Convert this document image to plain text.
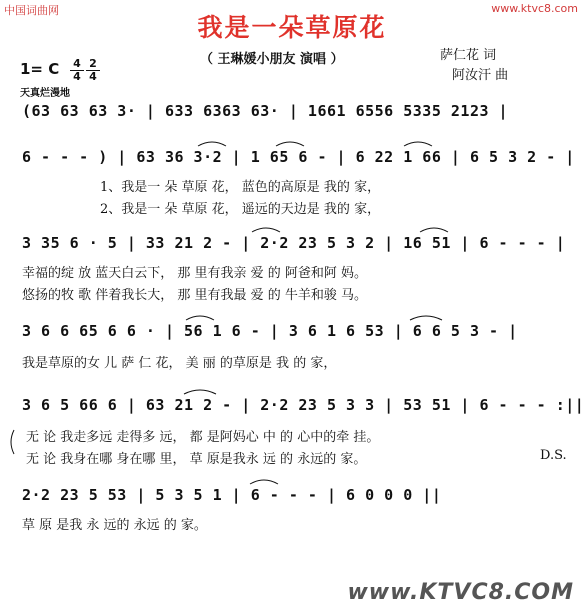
中国词曲网	www.ktvc8.com
我是一朵草原花
（ 王琳媛小朋友 演唱 ）	萨仁花 词
阿汝汗 曲
1= C 4
4
2
4
天真烂漫地
(63 63 63 3· | 633 6363 63· | 1661 6556 5335 2123 |
6 - - - ) | 63 36 3·2 | 1 65 6 - | 6 22 1 66 | 6 5 3 2 - |
1、我是一 朵 草原 花， 蓝色的高原是 我的 家，
2、我是一 朵 草原 花， 遥远的天边是 我的 家，
3 35 6 · 5 | 33 21 2 - | 2·2 23 5 3 2 | 16 51 | 6 - - - |
幸福的绽 放 蓝天白云下， 那 里有我亲 爱 的 阿爸和阿 妈。
悠扬的牧 歌 伴着我长大， 那 里有我最 爱 的 牛羊和骏 马。
3 6 6 65 6 6 · | 56 1 6 - | 3 6 1 6 53 | 6 6 5 3 - |
我是草原的女 儿 萨 仁 花， 美 丽 的草原是 我 的 家，
3 6 5 66 6 | 63 21 2 - | 2·2 23 5 3 3 | 53 51 | 6 - - - :||
无 论 我走多远 走得多 远， 都 是阿妈心 中 的 心中的牵 挂。
无 论 我身在哪 身在哪 里， 草 原是我永 远 的 永远的 家。	D.S.
2·2 23 5 53 | 5 3 5 1 | 6 - - - | 6 0 0 0 ||
草 原 是我 永 远的 永远 的 家。
www.KTVC8.COM
